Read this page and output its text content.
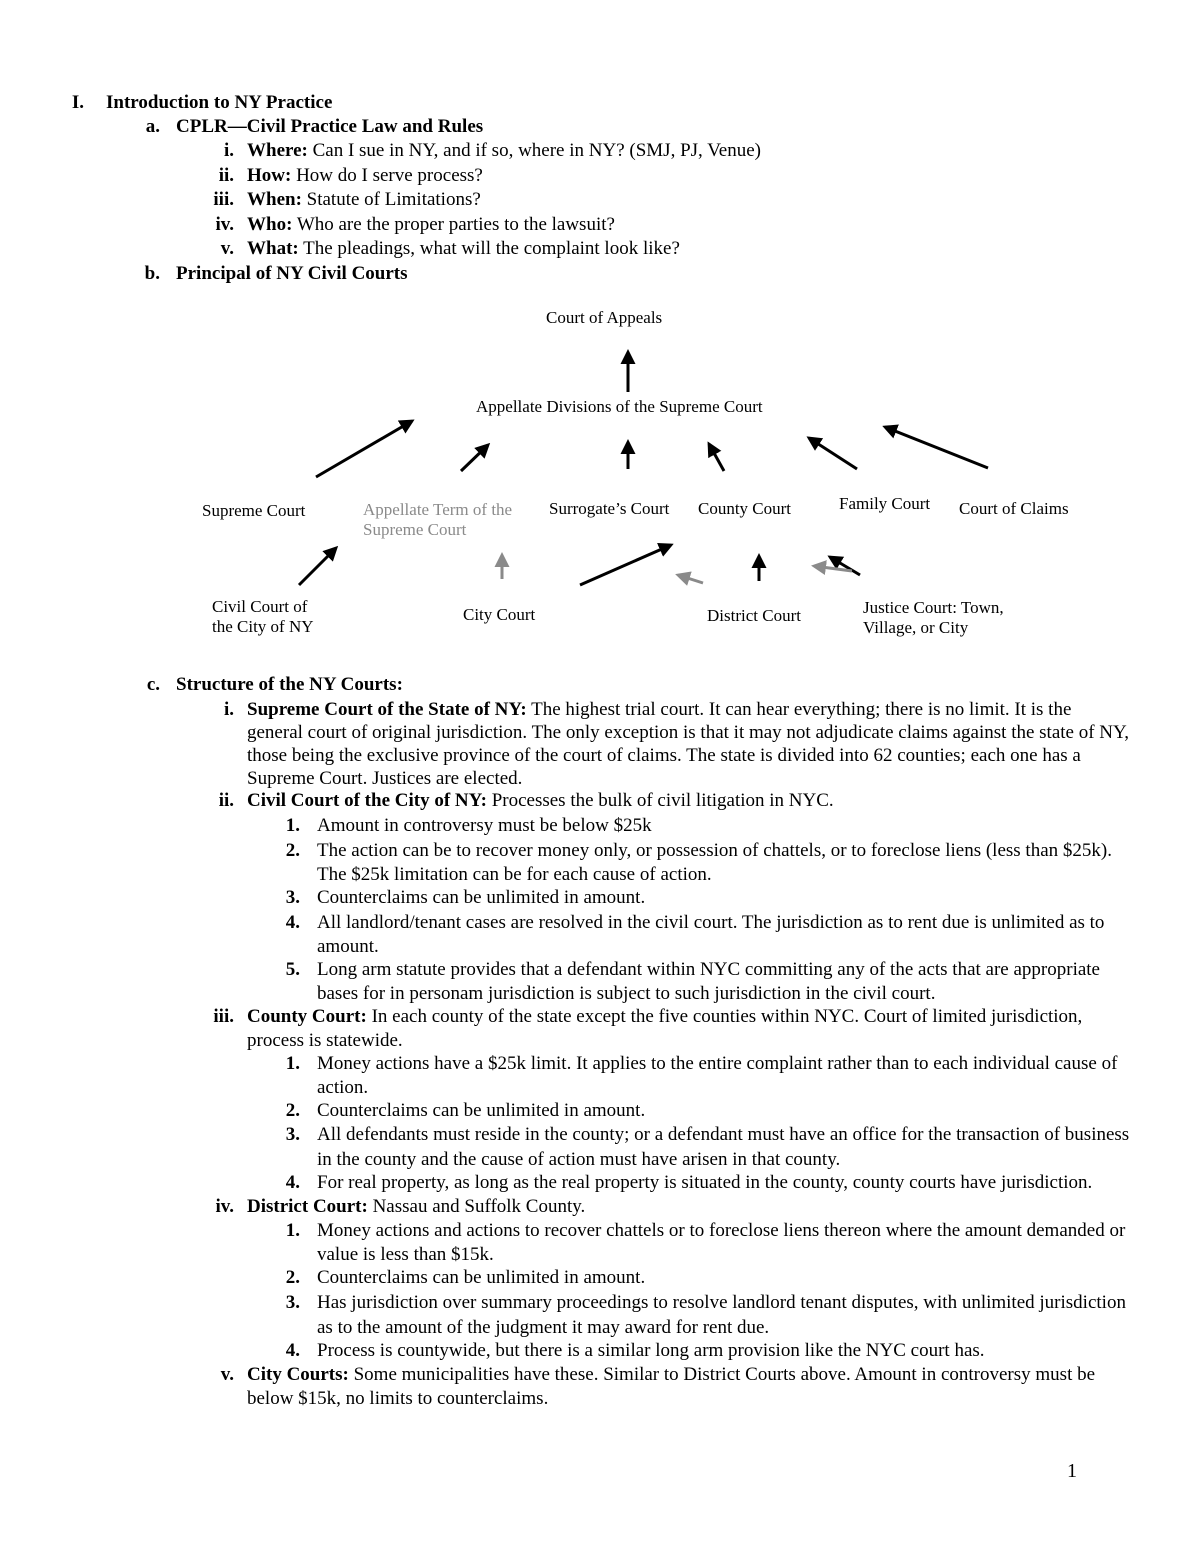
I. Introduction to NY Practice
a. CPLR—Civil Practice Law and Rules
i. Where: Can I sue in NY, and if so, where in NY? (SMJ, PJ, Venue)
ii. How: How do I serve process?
iii. When: Statute of Limitations?
iv. Who: Who are the proper parties to the lawsuit?
v. What: The pleadings, what will the complaint look like?
b. Principal of NY Civil Courts
Court of Appeals
Appellate Divisions of the Supreme Court
Supreme Court	Appellate Term of the
Supreme Court
Surrogate’s Court County Court	Family Court Court of Claims
Civil Court of
the City of NY
City Court	District Court	Justice Court: Town,
Village, or City
c. Structure of the NY Courts:
i. Supreme Court of the State of NY: The highest trial court. It can hear everything; there is no limit. It is the
general court of original jurisdiction. The only exception is that it may not adjudicate claims against the state of NY,
those being the exclusive province of the court of claims. The state is divided into 62 counties; each one has a
Supreme Court. Justices are elected.
ii. Civil Court of the City of NY: Processes the bulk of civil litigation in NYC.
1. Amount in controversy must be below $25k
2. The action can be to recover money only, or possession of chattels, or to foreclose liens (less than $25k).
The $25k limitation can be for each cause of action.
3. Counterclaims can be unlimited in amount.
4. All landlord/tenant cases are resolved in the civil court. The jurisdiction as to rent due is unlimited as to
amount.
5. Long arm statute provides that a defendant within NYC committing any of the acts that are appropriate
bases for in personam jurisdiction is subject to such jurisdiction in the civil court.
iii. County Court: In each county of the state except the five counties within NYC. Court of limited jurisdiction,
process is statewide.
1. Money actions have a $25k limit. It applies to the entire complaint rather than to each individual cause of
action.
2. Counterclaims can be unlimited in amount.
3. All defendants must reside in the county; or a defendant must have an office for the transaction of business
in the county and the cause of action must have arisen in that county.
4. For real property, as long as the real property is situated in the county, county courts have jurisdiction.
iv. District Court: Nassau and Suffolk County.
1. Money actions and actions to recover chattels or to foreclose liens thereon where the amount demanded or
value is less than $15k.
2. Counterclaims can be unlimited in amount.
3. Has jurisdiction over summary proceedings to resolve landlord tenant disputes, with unlimited jurisdiction
as to the amount of the judgment it may award for rent due.
4. Process is countywide, but there is a similar long arm provision like the NYC court has.
v. City Courts: Some municipalities have these. Similar to District Courts above. Amount in controversy must be
below $15k, no limits to counterclaims.
1
